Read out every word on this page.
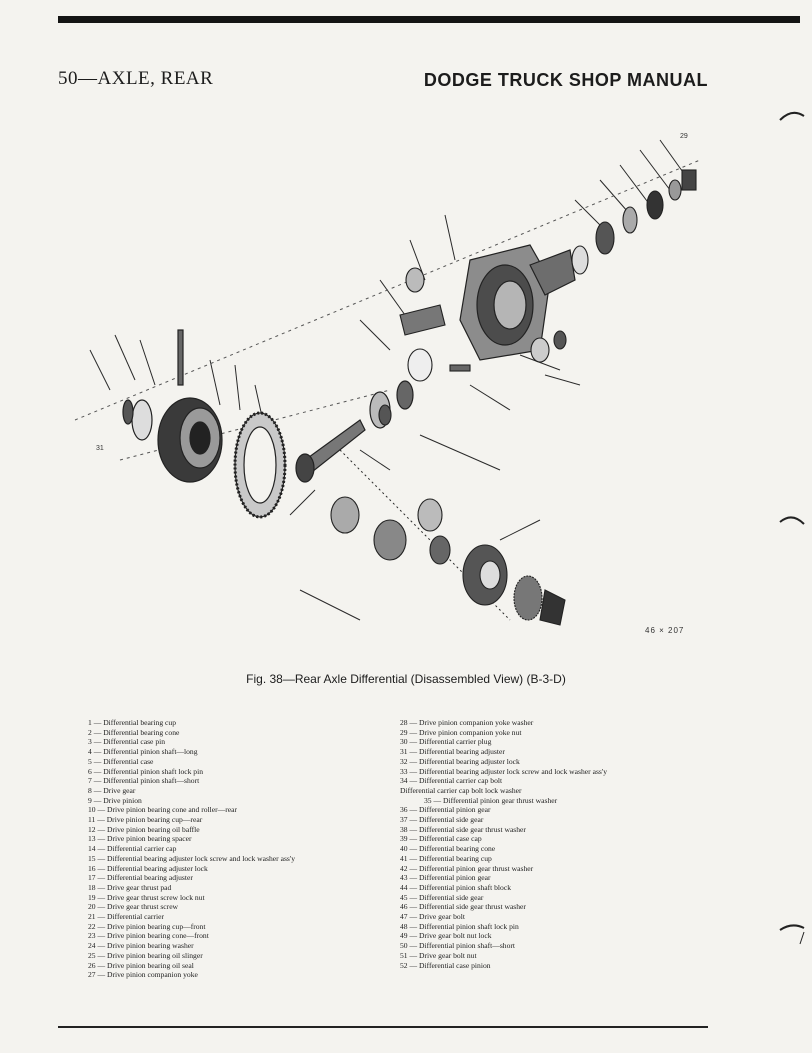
50—AXLE, REAR	DODGE TRUCK SHOP MANUAL
29
31
46 × 207
Fig. 38—Rear Axle Differential (Disassembled View) (B-3-D)
1 — Differential bearing cup
2 — Differential bearing cone
3 — Differential case pin
4 — Differential pinion shaft—long
5 — Differential case
6 — Differential pinion shaft lock pin
7 — Differential pinion shaft—short
8 — Drive gear
9 — Drive pinion
10 — Drive pinion bearing cone and roller—rear
11 — Drive pinion bearing cup—rear
12 — Drive pinion bearing oil baffle
13 — Drive pinion bearing spacer
14 — Differential carrier cap
15 — Differential bearing adjuster lock screw and lock washer ass'y
16 — Differential bearing adjuster lock
17 — Differential bearing adjuster
18 — Drive gear thrust pad
19 — Drive gear thrust screw lock nut
20 — Drive gear thrust screw
21 — Differential carrier
22 — Drive pinion bearing cup—front
23 — Drive pinion bearing cone—front
24 — Drive pinion bearing washer
25 — Drive pinion bearing oil slinger
26 — Drive pinion bearing oil seal
27 — Drive pinion companion yoke
28 — Drive pinion companion yoke washer
29 — Drive pinion companion yoke nut
30 — Differential carrier plug
31 — Differential bearing adjuster
32 — Differential bearing adjuster lock
33 — Differential bearing adjuster lock screw and lock washer ass'y
34 — Differential carrier cap bolt
Differential carrier cap bolt lock washer
35 — Differential pinion gear thrust washer
36 — Differential pinion gear
37 — Differential side gear
38 — Differential side gear thrust washer
39 — Differential case cap
40 — Differential bearing cone
41 — Differential bearing cup
42 — Differential pinion gear thrust washer
43 — Differential pinion gear
44 — Differential pinion shaft block
45 — Differential side gear
46 — Differential side gear thrust washer
47 — Drive gear bolt
48 — Differential pinion shaft lock pin
49 — Drive gear bolt nut lock
50 — Differential pinion shaft—short
51 — Drive gear bolt nut
52 — Differential case pinion
